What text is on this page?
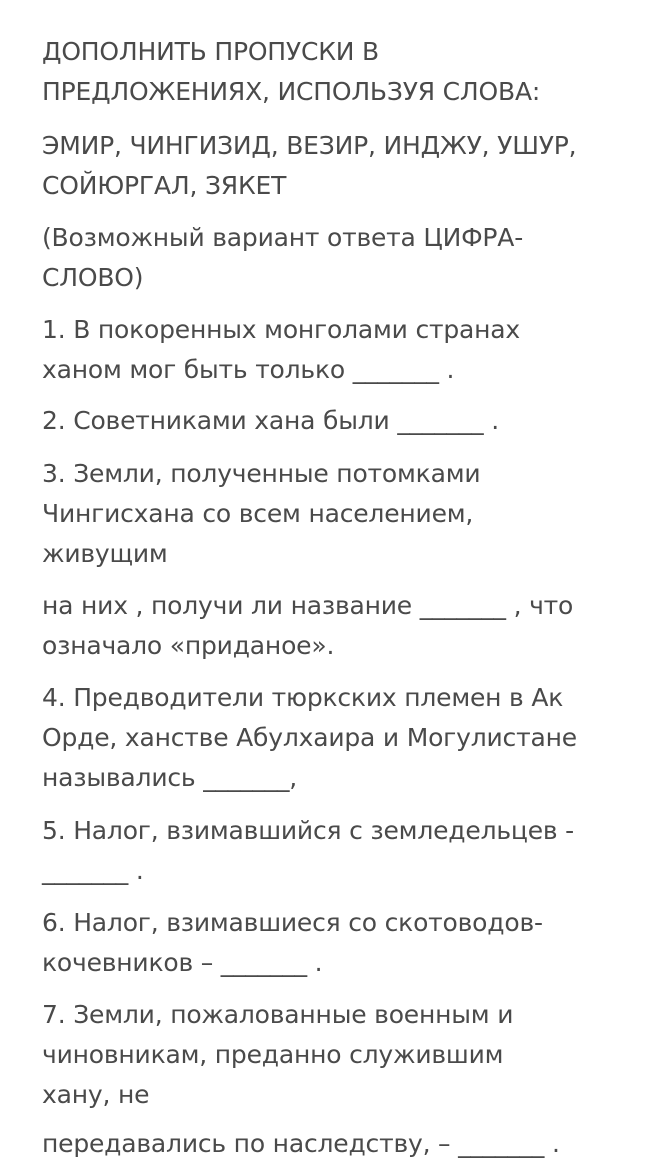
ДОПОЛНИТЬ ПРОПУСКИ В
ПРЕДЛОЖЕНИЯХ, ИСПОЛЬЗУЯ СЛОВА:

ЭМИР, ЧИНГИЗИД, ВЕЗИР, ИНДЖУ, УШУР,
СОЙЮРГАЛ, ЗЯКЕТ

(Возможный вариант ответа ЦИФРА-
СЛОВО)

1. В покоренных монголами странах
ханом мог быть только _______ .

2. Советниками хана были _______ .

3. Земли, полученные потомками
Чингисхана со всем населением,
живущим

на них , получи ли название _______ , что
означало «приданое».

4. Предводители тюркских племен в Ак
Орде, ханстве Абулхаира и Могулистане
назывались _______,

5. Налог, взимавшийся с земледельцев -
_______ .

6. Налог, взимавшиеся со скотоводов-
кочевников – _______ .

7. Земли, пожалованные военным и
чиновникам, преданно служившим
хану, не

передавались по наследству, – _______ .
